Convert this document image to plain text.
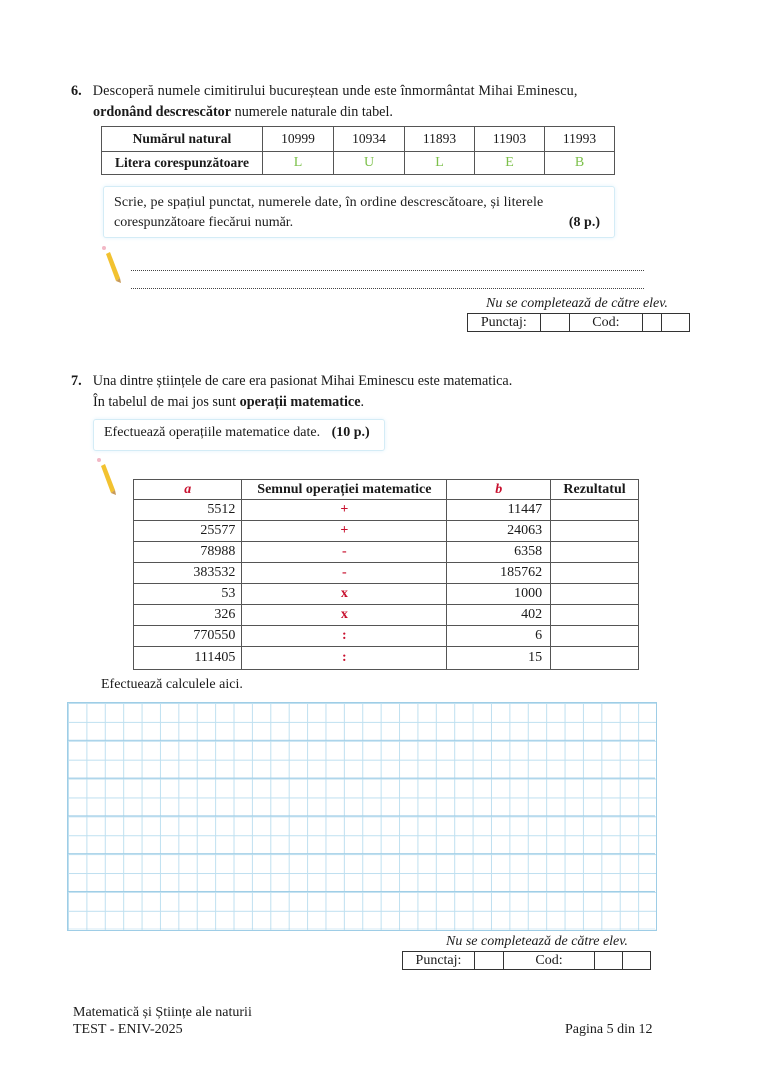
6. Descoperă numele cimitirului bucureștean unde este înmormântat Mihai Eminescu,
ordonând descrescător numerele naturale din tabel.
Numărul natural	10999	10934	11893	11903	11993
Litera corespunzătoare	L	U	L	E	B
Scrie, pe spațiul punctat, numerele date, în ordine descrescătoare, și literele
corespunzătoare fiecărui număr.	(8 p.)
Nu se completează de către elev.
Punctaj:	Cod:
7. Una dintre științele de care era pasionat Mihai Eminescu este matematica.
În tabelul de mai jos sunt operații matematice.
Efectuează operațiile matematice date. (10 p.)
a	Semnul operației matematice	b	Rezultatul
5512	+	11447	
25577	+	24063	
78988	-	6358	
383532	-	185762	
53	x	1000	
326	x	402	
770550	:	6	
111405	:	15	
Efectuează calculele aici.
Nu se completează de către elev.
Punctaj:	Cod:
Matematică și Științe ale naturii
TEST - ENIV-2025	Pagina 5 din 12
